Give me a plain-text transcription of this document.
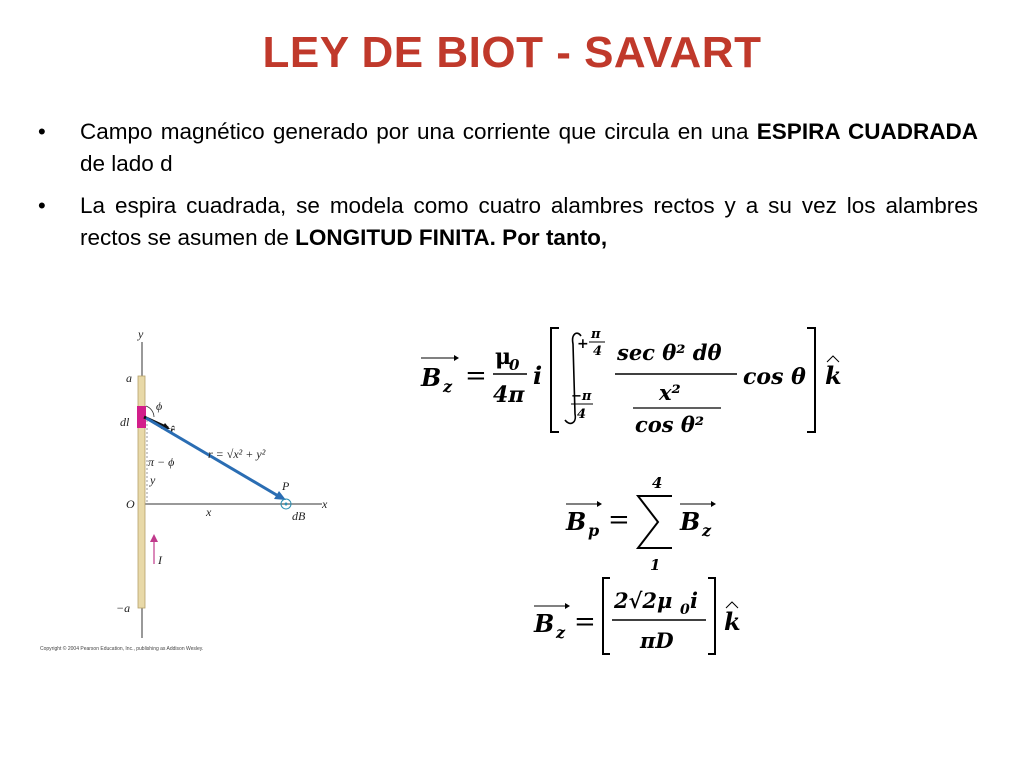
LEY DE BIOT - SAVART
•	Campo magnético generado por una corriente que circula en una ESPIRA CUADRADA de lado d
•	La espira cuadrada, se modela como cuatro alambres rectos y a su vez los alambres rectos se asumen de LONGITUD FINITA. Por tanto,
y
x
a
−a
O
dl
ϕ
r̂
r = √x² + y²
π − ϕ
y
x
P
dB
I
Copyright © 2004 Pearson Education, Inc., publishing as Addison Wesley.
B z =
μ
0
4π
i
+
π
4
−π
4
sec θ² dθ
x²
cos θ²
cos θ k
B p =
4
1
B z
B z =
2√2μ 0 i
πD
k
